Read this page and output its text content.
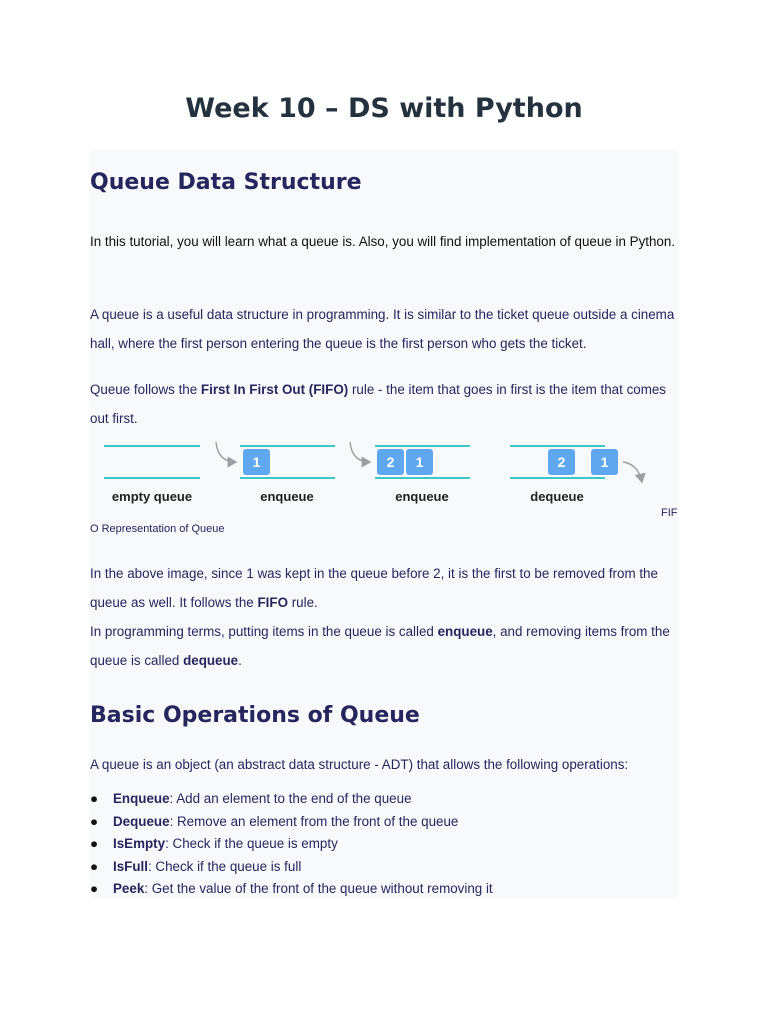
Week 10 – DS with Python
Queue Data Structure
In this tutorial, you will learn what a queue is. Also, you will find implementation of queue in Python.
A queue is a useful data structure in programming. It is similar to the ticket queue outside a cinema hall, where the first person entering the queue is the first person who gets the ticket.
Queue follows the First In First Out (FIFO) rule - the item that goes in first is the item that comes out first.
1	2 1	2	1
empty queue	enqueue	enqueue	dequeue
FIF
O Representation of Queue
In the above image, since 1 was kept in the queue before 2, it is the first to be removed from the queue as well. It follows the FIFO rule.
In programming terms, putting items in the queue is called enqueue, and removing items from the queue is called dequeue.
Basic Operations of Queue
A queue is an object (an abstract data structure - ADT) that allows the following operations:
● Enqueue: Add an element to the end of the queue
● Dequeue: Remove an element from the front of the queue
● IsEmpty: Check if the queue is empty
● IsFull: Check if the queue is full
● Peek: Get the value of the front of the queue without removing it
